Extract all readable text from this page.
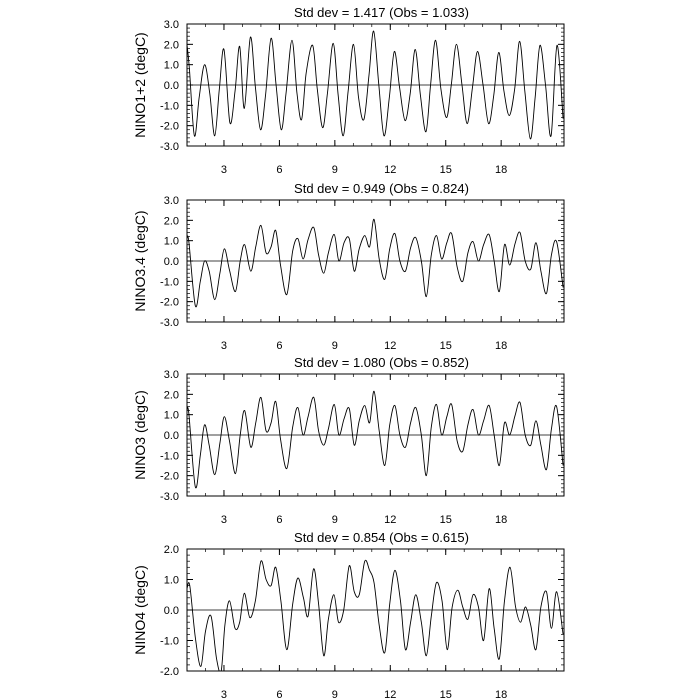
Std dev = 1.417 (Obs = 1.033)
NINO1+2 (degC)
3.0
2.0
1.0
0.0
-1.0
-2.0
-3.0
3	6	9	12	15	18
Std dev = 0.949 (Obs = 0.824)
NINO3.4 (degC)
3.0
2.0
1.0
0.0
-1.0
-2.0
-3.0
3	6	9	12	15	18
Std dev = 1.080 (Obs = 0.852)
NINO3 (degC)
3.0
2.0
1.0
0.0
-1.0
-2.0
-3.0
3	6	9	12	15	18
Std dev = 0.854 (Obs = 0.615)
NINO4 (degC)
2.0
1.0
0.0
-1.0
-2.0
3	6	9	12	15	18
